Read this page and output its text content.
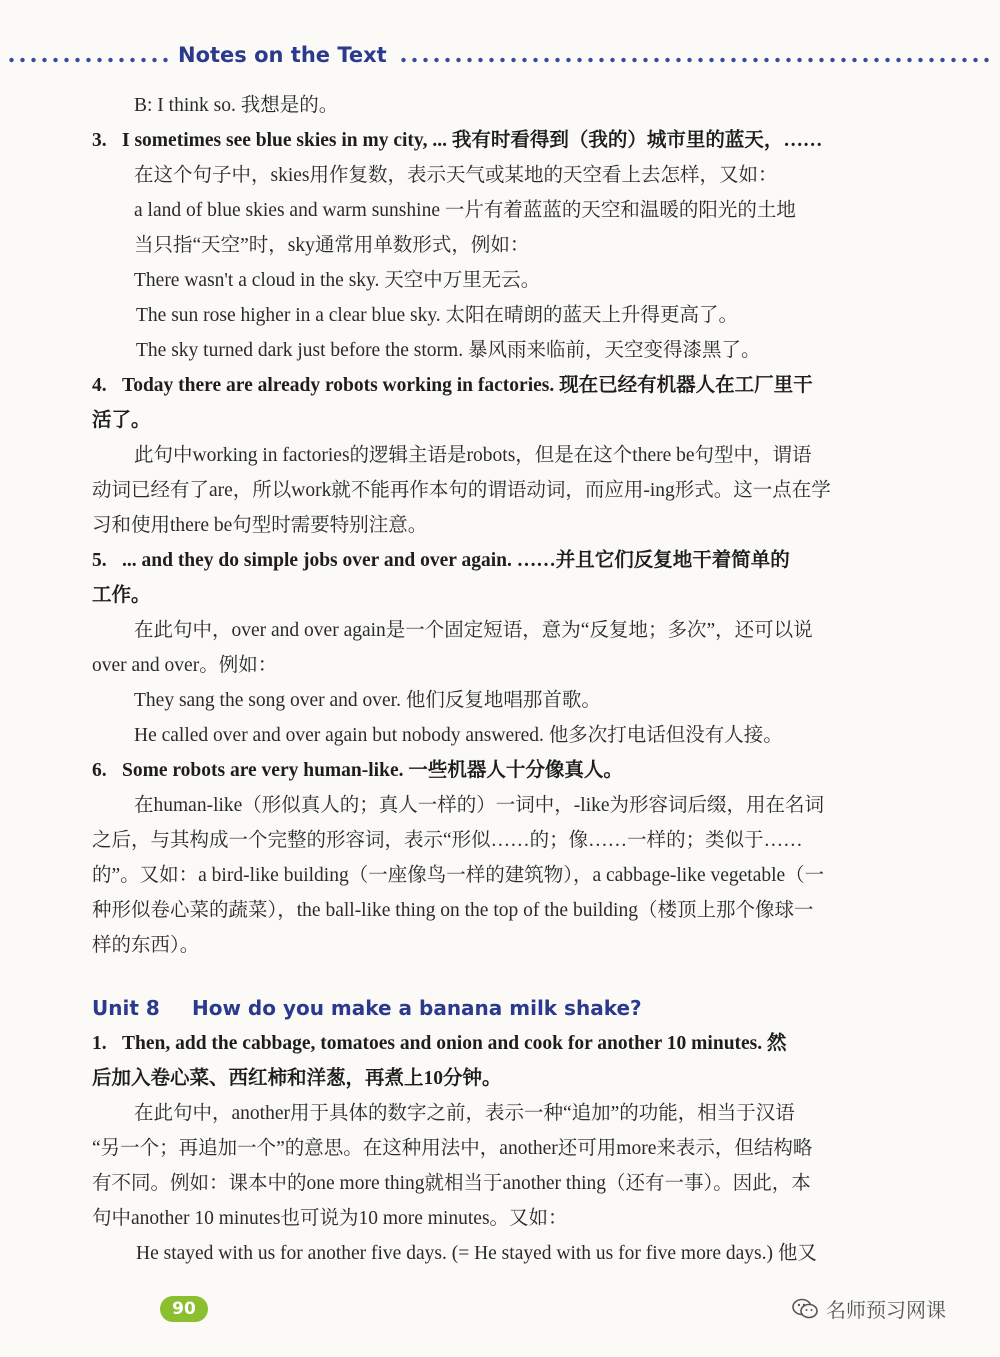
Notes on the Text
B: I think so. 我想是的。
3. I sometimes see blue skies in my city, ... 我有时看得到（我的）城市里的蓝天，……
在这个句子中，skies用作复数，表示天气或某地的天空看上去怎样，又如：
a land of blue skies and warm sunshine 一片有着蓝蓝的天空和温暖的阳光的土地
当只指“天空”时，sky通常用单数形式，例如：
There wasn't a cloud in the sky. 天空中万里无云。
The sun rose higher in a clear blue sky. 太阳在晴朗的蓝天上升得更高了。
The sky turned dark just before the storm. 暴风雨来临前，天空变得漆黑了。
4. Today there are already robots working in factories. 现在已经有机器人在工厂里干
活了。
此句中working in factories的逻辑主语是robots，但是在这个there be句型中，谓语
动词已经有了are，所以work就不能再作本句的谓语动词，而应用-ing形式。这一点在学
习和使用there be句型时需要特别注意。
5. ... and they do simple jobs over and over again. ……并且它们反复地干着简单的
工作。
在此句中，over and over again是一个固定短语，意为“反复地；多次”，还可以说
over and over。例如：
They sang the song over and over. 他们反复地唱那首歌。
He called over and over again but nobody answered. 他多次打电话但没有人接。
6. Some robots are very human-like. 一些机器人十分像真人。
在human-like（形似真人的；真人一样的）一词中，-like为形容词后缀，用在名词
之后，与其构成一个完整的形容词，表示“形似……的；像……一样的；类似于……
的”。又如：a bird-like building（一座像鸟一样的建筑物），a cabbage-like vegetable（一
种形似卷心菜的蔬菜），the ball-like thing on the top of the building（楼顶上那个像球一
样的东西）。
Unit 8 How do you make a banana milk shake?
1. Then, add the cabbage, tomatoes and onion and cook for another 10 minutes. 然
后加入卷心菜、西红柿和洋葱，再煮上10分钟。
在此句中，another用于具体的数字之前，表示一种“追加”的功能，相当于汉语
“另一个；再追加一个”的意思。在这种用法中，another还可用more来表示，但结构略
有不同。例如：课本中的one more thing就相当于another thing（还有一事）。因此，本
句中another 10 minutes也可说为10 more minutes。又如：
He stayed with us for another five days. (= He stayed with us for five more days.) 他又
90	名师预习网课
